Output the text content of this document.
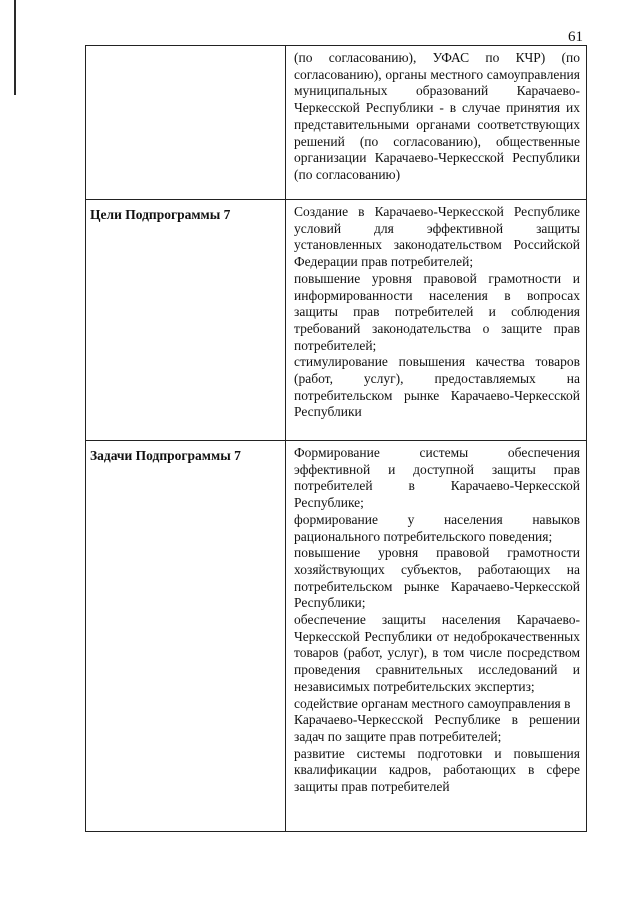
61

(по согласованию), УФАС по КЧР) (по согласованию), органы местного самоуправления муниципальных образований Карачаево-Черкесской Республики - в случае принятия их представительными органами соответствующих решений (по согласованию), общественные организации Карачаево-Черкесской Республики (по согласованию)

Цели Подпрограммы 7	Создание в Карачаево-Черкесской Республике условий для эффективной защиты установленных законодательством Российской Федерации прав потребителей;

повышение уровня правовой грамотности и информированности населения в вопросах защиты прав потребителей и соблюдения требований законодательства о защите прав потребителей;

стимулирование повышения качества товаров (работ, услуг), предоставляемых на потребительском рынке Карачаево-Черкесской Республики

Задачи Подпрограммы 7	Формирование системы обеспечения эффективной и доступной защиты прав потребителей в Карачаево-Черкесской Республике;

формирование у населения навыков рационального потребительского поведения;

повышение уровня правовой грамотности хозяйствующих субъектов, работающих на потребительском рынке Карачаево-Черкесской Республики;

обеспечение защиты населения Карачаево-Черкесской Республики от недоброкачественных товаров (работ, услуг), в том числе посредством проведения сравнительных исследований и независимых потребительских экспертиз;

содействие органам местного самоуправления в

Карачаево-Черкесской Республике в решении задач по защите прав потребителей;

развитие системы подготовки и повышения квалификации кадров, работающих в сфере защиты прав потребителей
